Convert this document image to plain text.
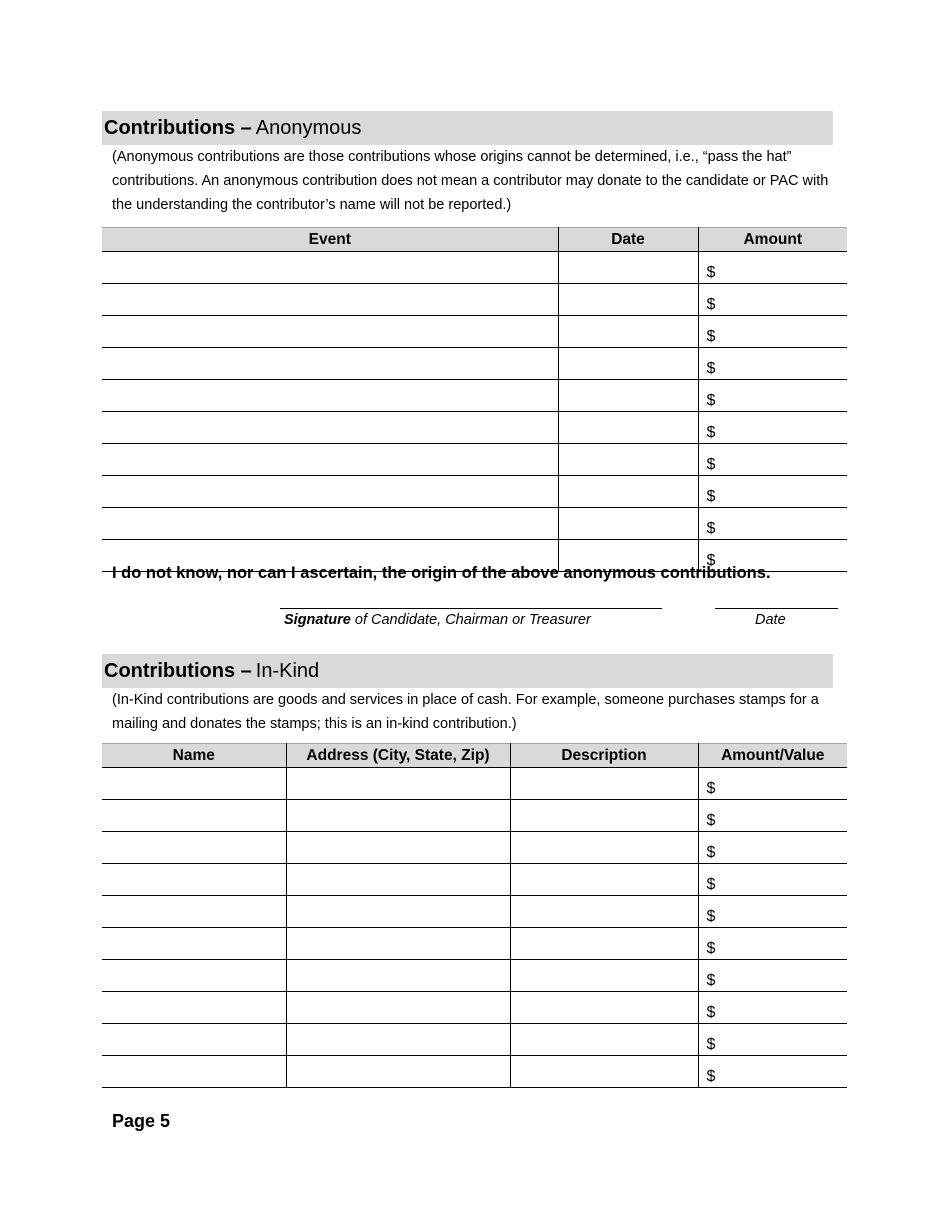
Contributions – Anonymous
(Anonymous contributions are those contributions whose origins cannot be determined, i.e., “pass the hat” contributions. An anonymous contribution does not mean a contributor may donate to the candidate or PAC with the understanding the contributor’s name will not be reported.)
Event	Date	Amount
		$
		$
		$
		$
		$
		$
		$
		$
		$
		$
I do not know, nor can I ascertain, the origin of the above anonymous contributions.
Signature of Candidate, Chairman or Treasurer	Date
Contributions – In-Kind
(In-Kind contributions are goods and services in place of cash. For example, someone purchases stamps for a mailing and donates the stamps; this is an in-kind contribution.)
Name	Address (City, State, Zip)	Description	Amount/Value
			$
			$
			$
			$
			$
			$
			$
			$
			$
			$
Page 5
